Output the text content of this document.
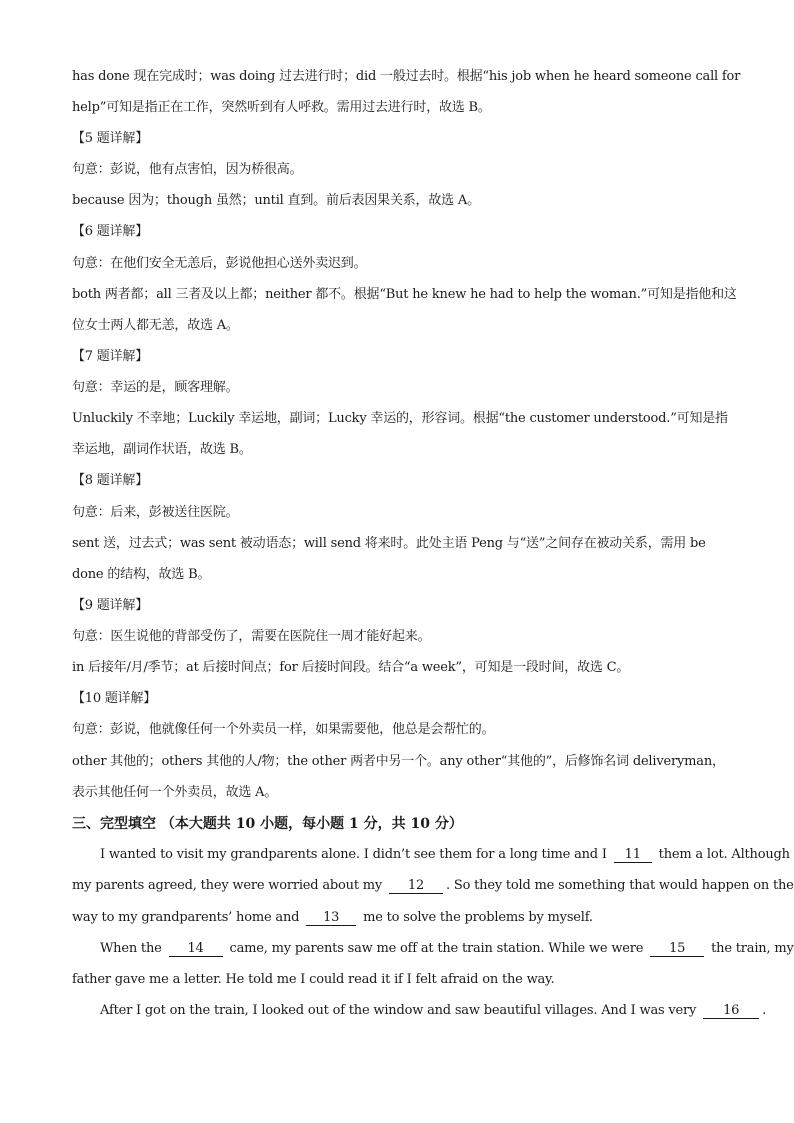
has done 现在完成时；was doing 过去进行时；did 一般过去时。根据“his job when he heard someone call for
help”可知是指正在工作，突然听到有人呼救。需用过去进行时，故选 B。
【5 题详解】
句意：彭说，他有点害怕，因为桥很高。
because 因为；though 虽然；until 直到。前后表因果关系，故选 A。
【6 题详解】
句意：在他们安全无恙后，彭说他担心送外卖迟到。
both 两者都；all 三者及以上都；neither 都不。根据“But he knew he had to help the woman.”可知是指他和这
位女士两人都无恙，故选 A。
【7 题详解】
句意：幸运的是，顾客理解。
Unluckily 不幸地；Luckily 幸运地，副词；Lucky 幸运的，形容词。根据“the customer understood.”可知是指
幸运地，副词作状语，故选 B。
【8 题详解】
句意：后来，彭被送往医院。
sent 送，过去式；was sent 被动语态；will send 将来时。此处主语 Peng 与“送”之间存在被动关系，需用 be
done 的结构，故选 B。
【9 题详解】
句意：医生说他的背部受伤了，需要在医院住一周才能好起来。
in 后接年/月/季节；at 后接时间点；for 后接时间段。结合“a week”，可知是一段时间，故选 C。
【10 题详解】
句意：彭说，他就像任何一个外卖员一样，如果需要他，他总是会帮忙的。
other 其他的；others 其他的人/物；the other 两者中另一个。any other“其他的”，后修饰名词 deliveryman，
表示其他任何一个外卖员，故选 A。
三、完型填空 （本大题共 10 小题，每小题 1 分，共 10 分）
I wanted to visit my grandparents alone. I didn’t see them for a long time and I 11 them a lot. Although
my parents agreed, they were worried about my 12 . So they told me something that would happen on the
way to my grandparents’ home and 13 me to solve the problems by myself.
When the 14 came, my parents saw me off at the train station. While we were 15 the train, my
father gave me a letter. He told me I could read it if I felt afraid on the way.
After I got on the train, I looked out of the window and saw beautiful villages. And I was very 16 .
